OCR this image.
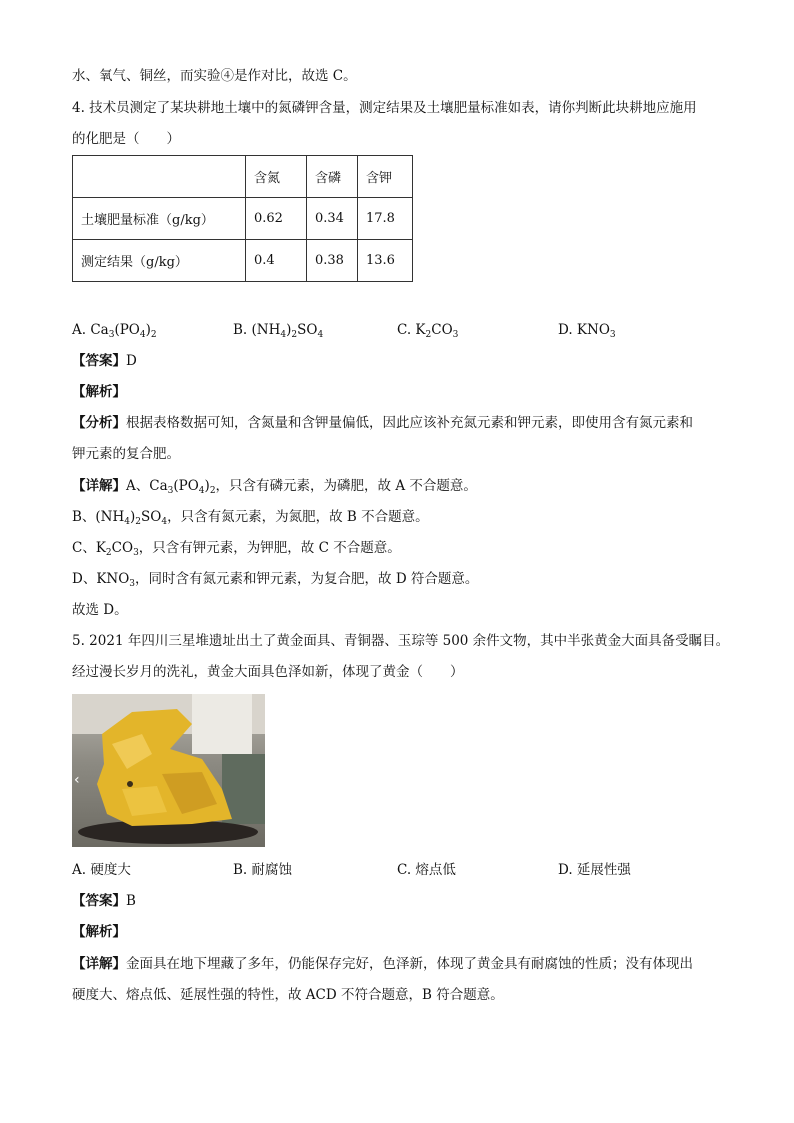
水、氧气、铜丝，而实验④是作对比，故选 C。
4. 技术员测定了某块耕地土壤中的氮磷钾含量，测定结果及土壤肥量标准如表，请你判断此块耕地应施用
的化肥是（　　）
	含氮	含磷	含钾
土壤肥量标准（g/kg）	0.62	0.34	17.8
测定结果（g/kg）	0.4	0.38	13.6
A. $Ca_3(PO_4)_2$	B. $(NH_4)_2SO_4$	C. $K_2CO_3$	D. $KNO_3$
【答案】D
【解析】
【分析】根据表格数据可知，含氮量和含钾量偏低，因此应该补充氮元素和钾元素，即使用含有氮元素和
钾元素的复合肥。
【详解】A、$Ca_3(PO_4)_2$，只含有磷元素，为磷肥，故 A 不合题意。
B、$(NH_4)_2SO_4$，只含有氮元素，为氮肥，故 B 不合题意。
C、$K_2CO_3$，只含有钾元素，为钾肥，故 C 不合题意。
D、$KNO_3$，同时含有氮元素和钾元素，为复合肥，故 D 符合题意。
故选 D。
5. 2021 年四川三星堆遗址出土了黄金面具、青铜器、玉琮等 500 余件文物，其中半张黄金大面具备受瞩目。
经过漫长岁月的洗礼，黄金大面具色泽如新，体现了黄金（　　）
‹
A. 硬度大	B. 耐腐蚀	C. 熔点低	D. 延展性强
【答案】B
【解析】
【详解】金面具在地下埋藏了多年，仍能保存完好，色泽新，体现了黄金具有耐腐蚀的性质；没有体现出
硬度大、熔点低、延展性强的特性，故 ACD 不符合题意，B 符合题意。
